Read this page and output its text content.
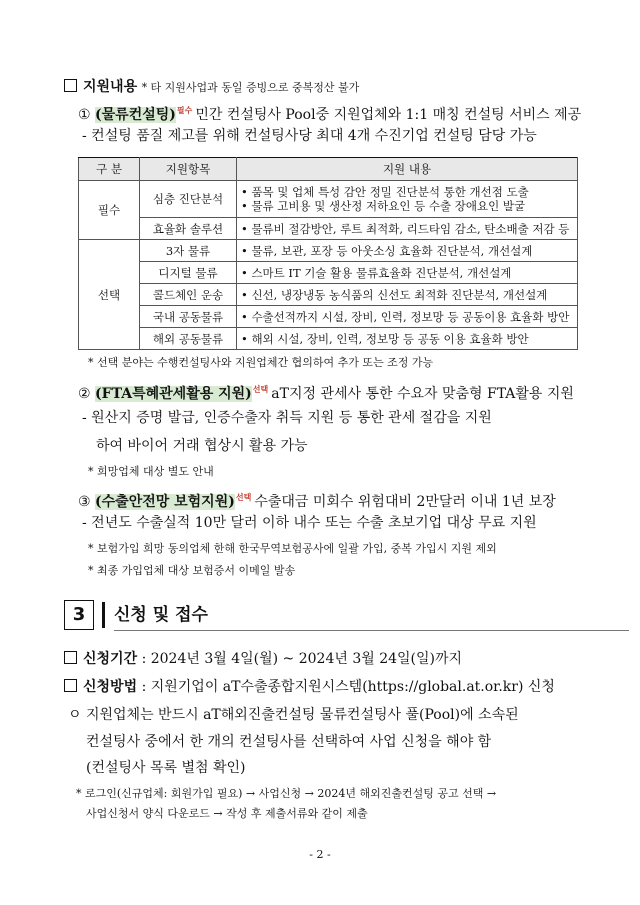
지원내용 * 타 지원사업과 동일 증빙으로 중복정산 불가
① (물류컨설팅)$^{필수}$ 민간 컨설팅사 Pool중 지원업체와 1:1 매칭 컨설팅 서비스 제공
- 컨설팅 품질 제고를 위해 컨설팅사당 최대 4개 수진기업 컨설팅 담당 가능
구 분	지원항목	지원 내용
필수	심층 진단분석	• 품목 및 업체 특성 감안 정밀 진단분석 통한 개선점 도출
• 물류 고비용 및 생산정 저하요인 등 수출 장애요인 발굴

	효율화 솔루션	• 물류비 절감방안, 루트 최적화, 리드타임 감소, 탄소배출 저감 등
선택	3자 물류	• 물류, 보관, 포장 등 아웃소싱 효율화 진단분석, 개선설계
	디지털 물류	• 스마트 IT 기술 활용 물류효율화 진단분석, 개선설계
	콜드체인 운송	• 신선, 냉장냉동 농식품의 신선도 최적화 진단분석, 개선설계
	국내 공동물류	• 수출선적까지 시설, 장비, 인력, 정보망 등 공동이용 효율화 방안
	해외 공동물류	• 해외 시설, 장비, 인력, 정보망 등 공동 이용 효율화 방안
* 선택 분야는 수행컨설팅사와 지원업체간 협의하여 추가 또는 조정 가능
② (FTA특혜관세활용 지원)$^{선택}$ aT지정 관세사 통한 수요자 맞춤형 FTA활용 지원
- 원산지 증명 발급, 인증수출자 취득 지원 등 통한 관세 절감을 지원
하여 바이어 거래 협상시 활용 가능
* 희망업체 대상 별도 안내
③ (수출안전망 보험지원)$^{선택}$ 수출대금 미회수 위험대비 2만달러 이내 1년 보장
- 전년도 수출실적 10만 달러 이하 내수 또는 수출 초보기업 대상 무료 지원
* 보험가입 희망 동의업체 한해 한국무역보험공사에 일괄 가입, 중복 가입시 지원 제외
* 최종 가입업체 대상 보험증서 이메일 발송
3	신청 및 접수
신청기간 : 2024년 3월 4일(월) ~ 2024년 3월 24일(일)까지
신청방법 : 지원기업이 aT수출종합지원시스템(https://global.at.or.kr) 신청
ㅇ 지원업체는 반드시 aT해외진출컨설팅 물류컨설팅사 풀(Pool)에 소속된
컨설팅사 중에서 한 개의 컨설팅사를 선택하여 사업 신청을 해야 함
(컨설팅사 목록 별첨 확인)
* 로그인(신규업체: 회원가입 필요) → 사업신청 → 2024년 해외진출컨설팅 공고 선택 →
사업신청서 양식 다운로드 → 작성 후 제출서류와 같이 제출
- 2 -
